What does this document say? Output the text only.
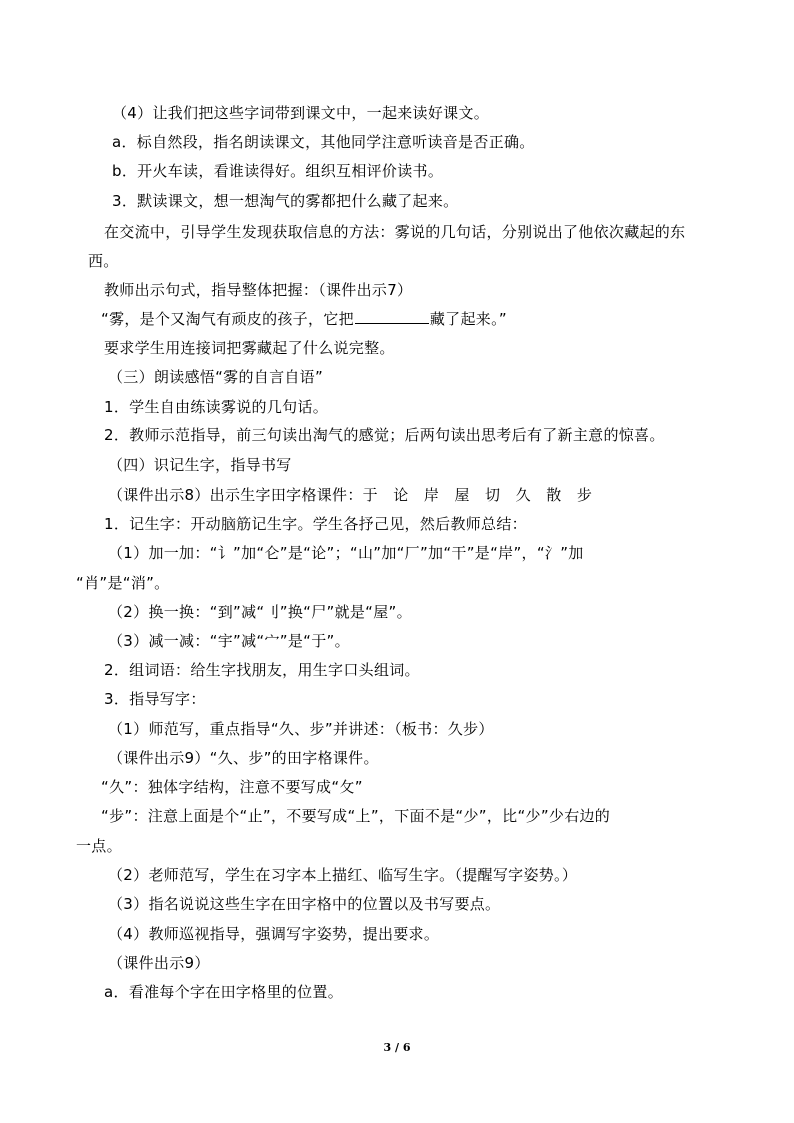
（4）让我们把这些字词带到课文中，一起来读好课文。
a．标自然段，指名朗读课文，其他同学注意听读音是否正确。
b．开火车读，看谁读得好。组织互相评价读书。
3．默读课文，想一想淘气的雾都把什么藏了起来。
在交流中，引导学生发现获取信息的方法：雾说的几句话，分别说出了他依次藏起的东
西。
教师出示句式，指导整体把握：（课件出示7）
“雾，是个又淘气有顽皮的孩子，它把	藏了起来。”
要求学生用连接词把雾藏起了什么说完整。
（三）朗读感悟“雾的自言自语”
1．学生自由练读雾说的几句话。
2．教师示范指导，前三句读出淘气的感觉；后两句读出思考后有了新主意的惊喜。
（四）识记生字，指导书写
（课件出示8）出示生字田字格课件：于　论　岸　屋　切　久　散　步
1．记生字：开动脑筋记生字。学生各抒己见，然后教师总结：
（1）加一加：“讠”加“仑”是“论”；“山”加“厂”加“干”是“岸”，“氵”加
“肖”是“消”。
（2）换一换：“到”减“刂”换“尸”就是“屋”。
（3）减一减：“宇”减“宀”是“于”。
2．组词语：给生字找朋友，用生字口头组词。
3．指导写字：
（1）师范写，重点指导“久、步”并讲述：（板书：久步）
（课件出示9）“久、步”的田字格课件。
“久”：独体字结构，注意不要写成“攵”
“步”：注意上面是个“止”，不要写成“上”，下面不是“少”，比“少”少右边的
一点。
（2）老师范写，学生在习字本上描红、临写生字。（提醒写字姿势。）
（3）指名说说这些生字在田字格中的位置以及书写要点。
（4）教师巡视指导，强调写字姿势，提出要求。
（课件出示9）
a．看准每个字在田字格里的位置。
3 / 6
